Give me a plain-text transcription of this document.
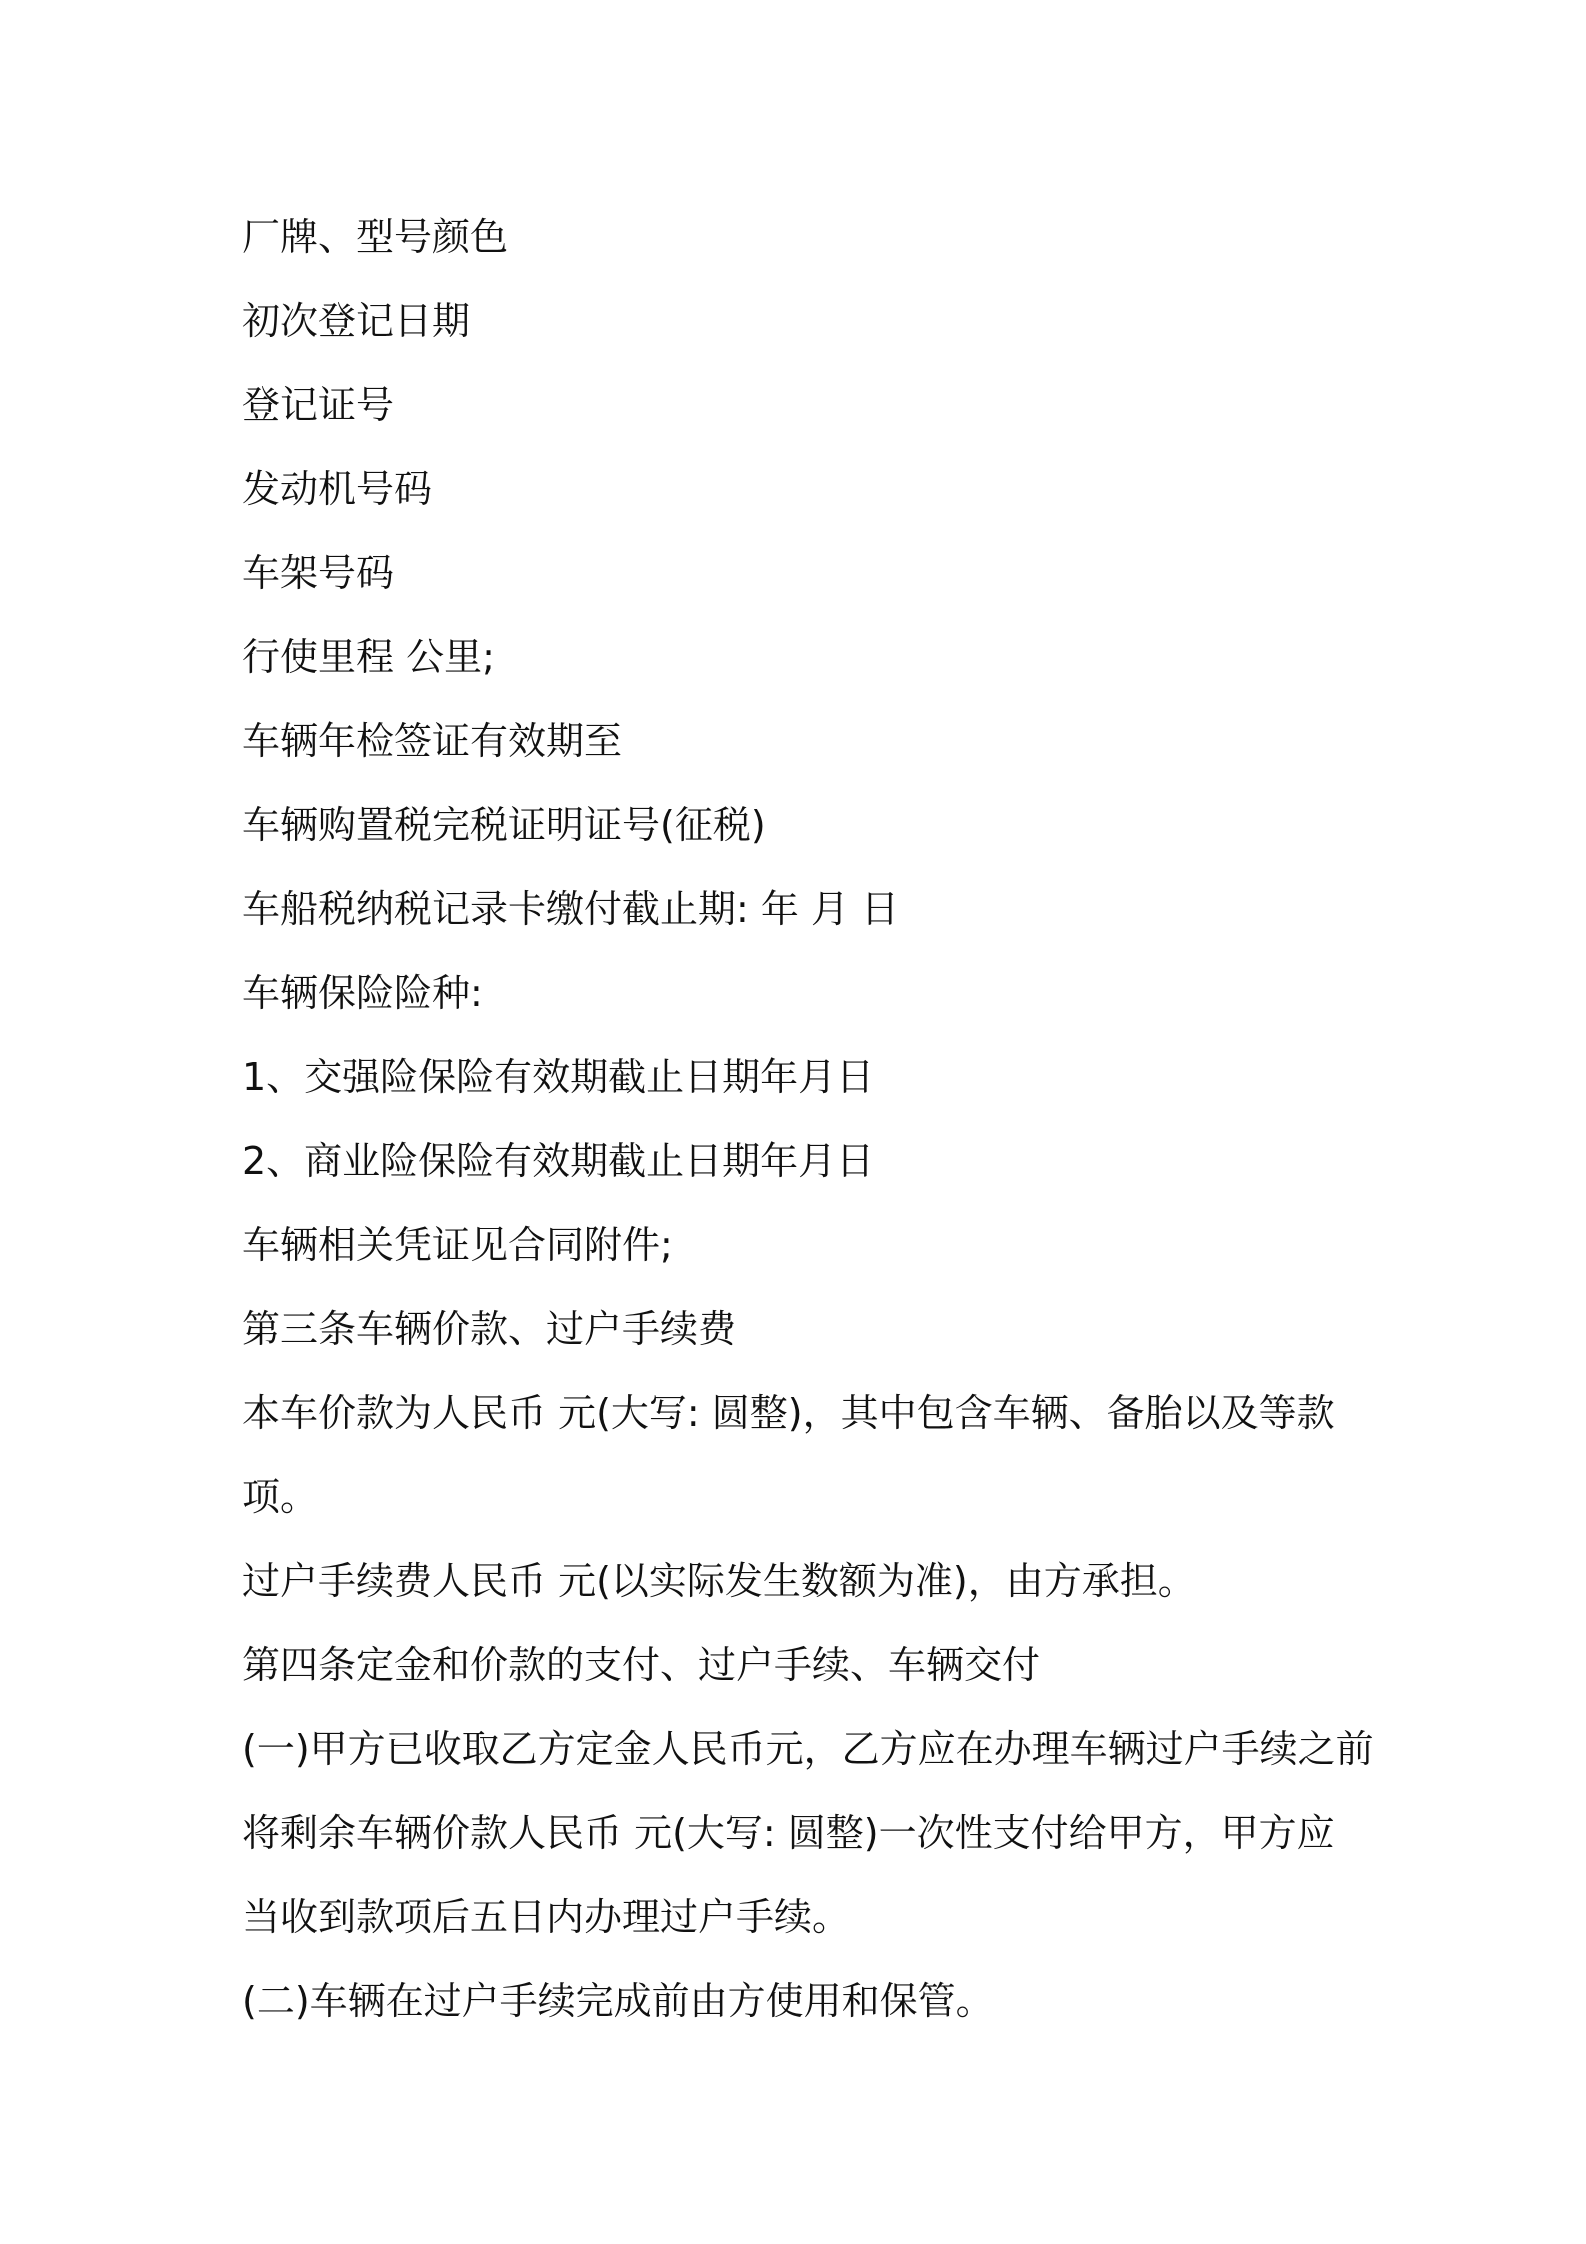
厂牌、型号颜色
初次登记日期
登记证号
发动机号码
车架号码
行使里程 公里;
车辆年检签证有效期至
车辆购置税完税证明证号(征税)
车船税纳税记录卡缴付截止期: 年 月 日
车辆保险险种:
1、交强险保险有效期截止日期年月日
2、商业险保险有效期截止日期年月日
车辆相关凭证见合同附件;
第三条车辆价款、过户手续费
本车价款为人民币 元(大写: 圆整)，其中包含车辆、备胎以及等款
项。
过户手续费人民币 元(以实际发生数额为准)，由方承担。
第四条定金和价款的支付、过户手续、车辆交付
(一)甲方已收取乙方定金人民币元，乙方应在办理车辆过户手续之前
将剩余车辆价款人民币 元(大写: 圆整)一次性支付给甲方，甲方应
当收到款项后五日内办理过户手续。
(二)车辆在过户手续完成前由方使用和保管。
